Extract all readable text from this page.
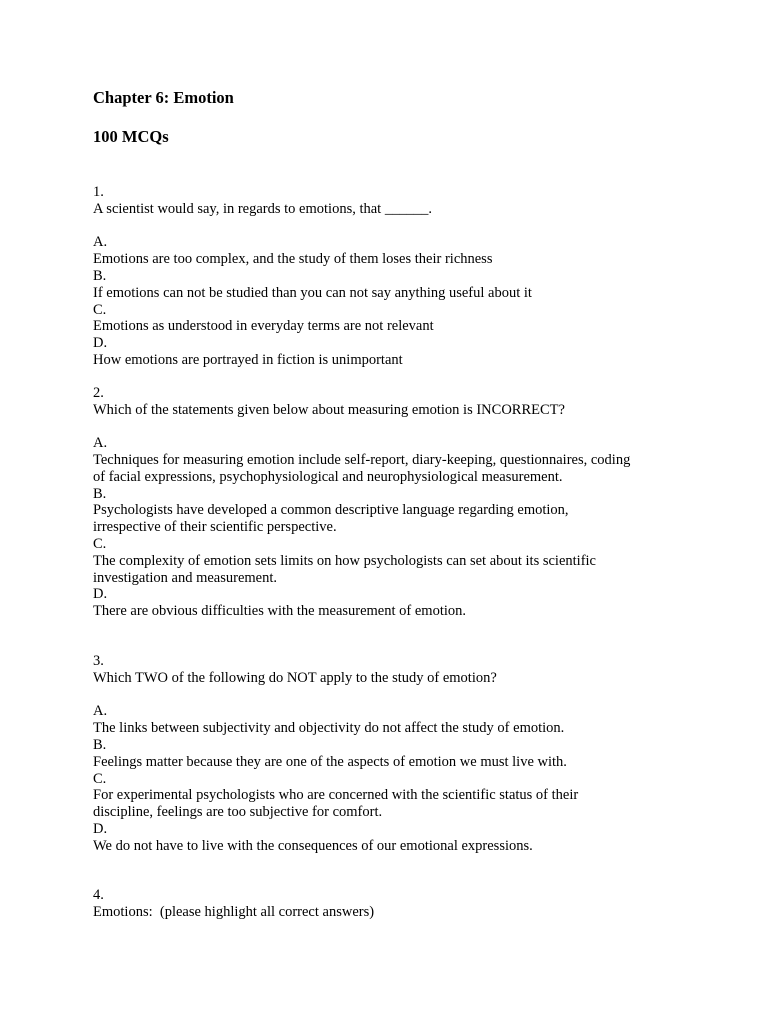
Chapter 6: Emotion

100 MCQs

1.
A scientist would say, in regards to emotions, that ______.
A.
Emotions are too complex, and the study of them loses their richness
B.
If emotions can not be studied than you can not say anything useful about it
C.
Emotions as understood in everyday terms are not relevant
D.
How emotions are portrayed in fiction is unimportant
2.
Which of the statements given below about measuring emotion is INCORRECT?
A.
Techniques for measuring emotion include self-report, diary-keeping, questionnaires, coding
of facial expressions, psychophysiological and neurophysiological measurement.
B.
Psychologists have developed a common descriptive language regarding emotion,
irrespective of their scientific perspective.
C.
The complexity of emotion sets limits on how psychologists can set about its scientific
investigation and measurement.
D.
There are obvious difficulties with the measurement of emotion.
3.
Which TWO of the following do NOT apply to the study of emotion?
A.
The links between subjectivity and objectivity do not affect the study of emotion.
B.
Feelings matter because they are one of the aspects of emotion we must live with.
C.
For experimental psychologists who are concerned with the scientific status of their
discipline, feelings are too subjective for comfort.
D.
We do not have to live with the consequences of our emotional expressions.
4.
Emotions:  (please highlight all correct answers)
